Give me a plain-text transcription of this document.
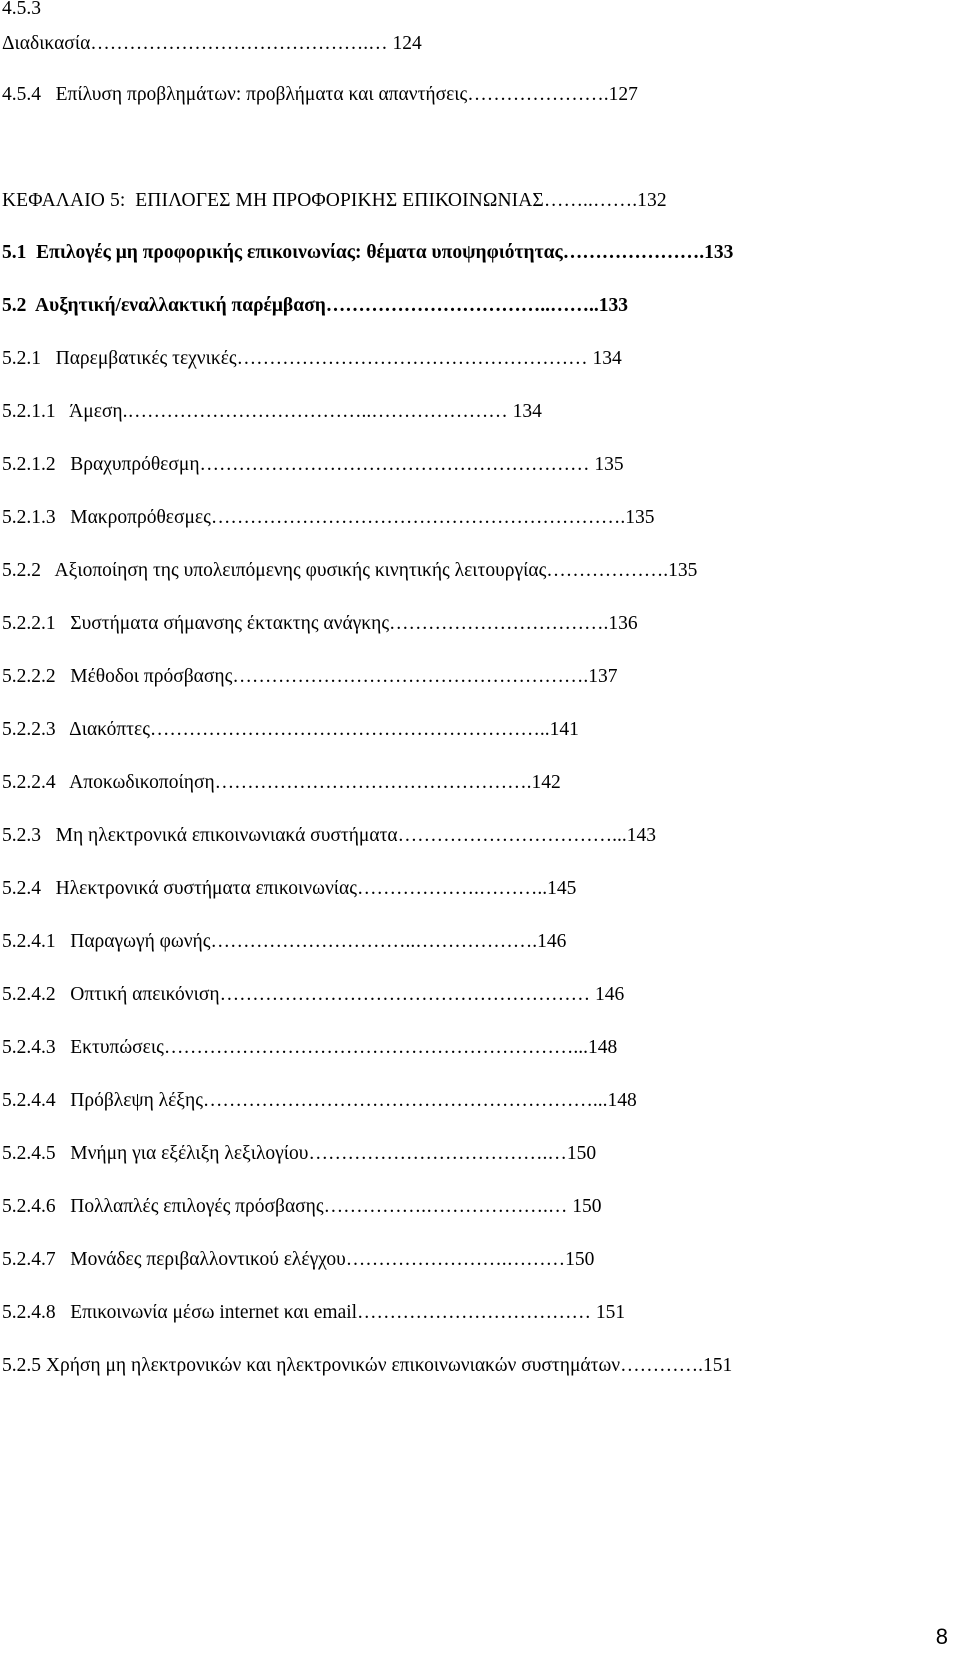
4.5.3
Διαδικασία…………………………………….… 124
4.5.4   Επίλυση προβλημάτων: προβλήματα και απαντήσεις………………….127
ΚΕΦΑΛΑΙΟ 5:  ΕΠΙΛΟΓΕΣ ΜΗ ΠΡΟΦΟΡΙΚΗΣ ΕΠΙΚΟΙΝΩΝΙΑΣ……..…….132
5.1  Επιλογές μη προφορικής επικοινωνίας: θέματα υποψηφιότητας………………….133
5.2  Αυξητική/εναλλακτική παρέμβαση……………………………..……..133
5.2.1   Παρεμβατικές τεχνικές……………………………………………… 134
5.2.1.1   Άμεση.………………………………..………………… 134
5.2.1.2   Βραχυπρόθεσμη…………………………………………………… 135
5.2.1.3   Μακροπρόθεσμες……………………………………………………….135
5.2.2   Αξιοποίηση της υπολειπόμενης φυσικής κινητικής λειτουργίας……………….135
5.2.2.1   Συστήματα σήμανσης έκτακτης ανάγκης…………………………….136
5.2.2.2   Μέθοδοι πρόσβασης……………………………………………….137
5.2.2.3   Διακόπτες……………………………………………………..141
5.2.2.4   Αποκωδικοποίηση………………………………………….142
5.2.3   Μη ηλεκτρονικά επικοινωνιακά συστήματα……………………………...143
5.2.4   Ηλεκτρονικά συστήματα επικοινωνίας……………….………..145
5.2.4.1   Παραγωγή φωνής…………………………..……………….146
5.2.4.2   Οπτική απεικόνιση………………………………………………… 146
5.2.4.3   Εκτυπώσεις………………………………………………………...148
5.2.4.4   Πρόβλεψη λέξης……………………………………………………...148
5.2.4.5   Μνήμη για εξέλιξη λεξιλογίου……………………………….…150
5.2.4.6   Πολλαπλές επιλογές πρόσβασης…………….……………….… 150
5.2.4.7   Μονάδες περιβαλλοντικού ελέγχου…………………….………150
5.2.4.8   Επικοινωνία μέσω internet και email……………………………… 151
5.2.5 Χρήση μη ηλεκτρονικών και ηλεκτρονικών επικοινωνιακών συστημάτων………….151
8
